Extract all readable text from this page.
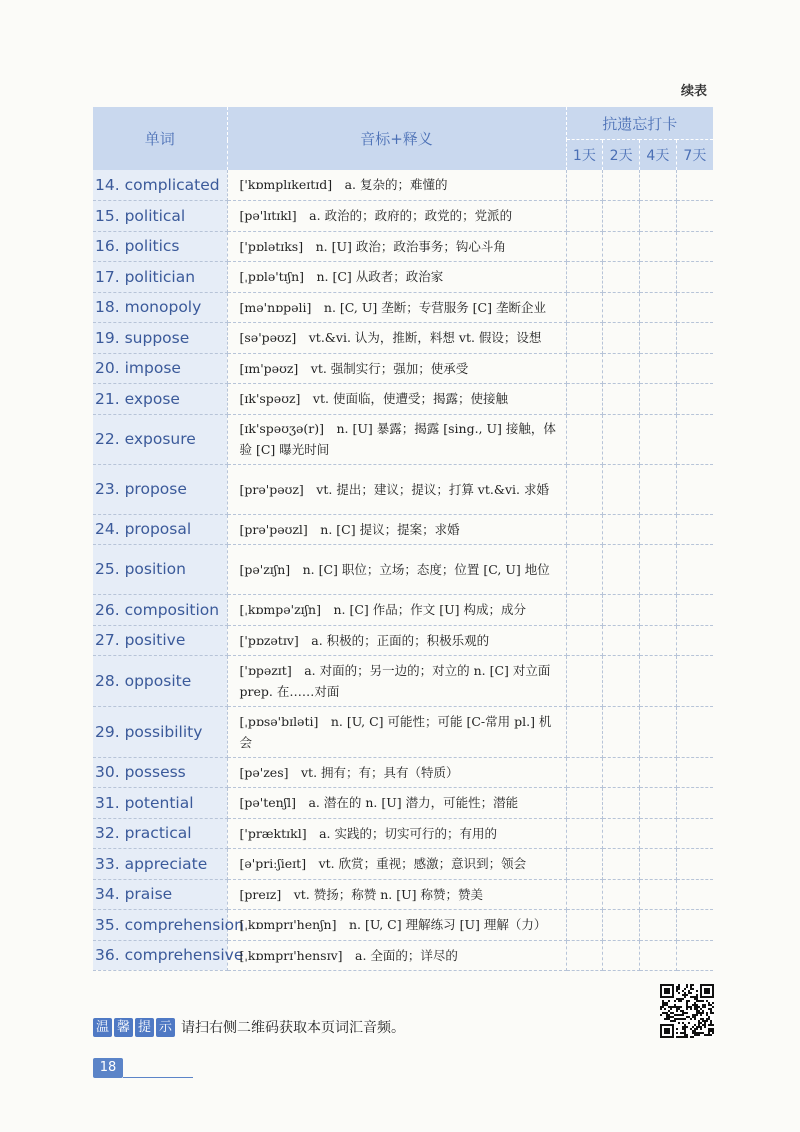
续表
单词	音标+释义	抗遗忘打卡			
		1天	2天	4天	7天
14. complicated	['kɒmplɪkeɪtɪd]　a. 复杂的；难懂的				
15. political	[pə'lɪtɪkl]　a. 政治的；政府的；政党的；党派的				
16. politics	['pɒlətɪks]　n. [U] 政治；政治事务；钩心斗角				
17. politician	[ˌpɒlə'tɪʃn]　n. [C] 从政者；政治家				
18. monopoly	[mə'nɒpəli]　n. [C, U] 垄断；专营服务 [C] 垄断企业				
19. suppose	[sə'pəʊz]　vt.&vi. 认为，推断，料想 vt. 假设；设想				
20. impose	[ɪm'pəʊz]　vt. 强制实行；强加；使承受				
21. expose	[ɪk'spəʊz]　vt. 使面临，使遭受；揭露；使接触				
22. exposure	[ɪk'spəʊʒə(r)]　n. [U] 暴露；揭露 [sing., U] 接触，体验 [C] 曝光时间				
23. propose	[prə'pəʊz]　vt. 提出；建议；提议；打算 vt.&vi. 求婚				
24. proposal	[prə'pəʊzl]　n. [C] 提议；提案；求婚				
25. position	[pə'zɪʃn]　n. [C] 职位；立场；态度；位置 [C, U] 地位				
26. composition	[ˌkɒmpə'zɪʃn]　n. [C] 作品；作文 [U] 构成；成分				
27. positive	['pɒzətɪv]　a. 积极的；正面的；积极乐观的				
28. opposite	['ɒpəzɪt]　a. 对面的；另一边的；对立的 n. [C] 对立面 prep. 在……对面				
29. possibility	[ˌpɒsə'bɪləti]　n. [U, C] 可能性；可能 [C-常用 pl.] 机会				
30. possess	[pə'zes]　vt. 拥有；有；具有（特质）				
31. potential	[pə'tenʃl]　a. 潜在的 n. [U] 潜力，可能性；潜能				
32. practical	['præktɪkl]　a. 实践的；切实可行的；有用的				
33. appreciate	[ə'priːʃieɪt]　vt. 欣赏；重视；感激；意识到；领会				
34. praise	[preɪz]　vt. 赞扬；称赞 n. [U] 称赞；赞美				
35. comprehension	[ˌkɒmprɪ'henʃn]　n. [U, C] 理解练习 [U] 理解（力）				
36. comprehensive	[ˌkɒmprɪ'hensɪv]　a. 全面的；详尽的				
温 馨 提 示 请扫右侧二维码获取本页词汇音频。
18
